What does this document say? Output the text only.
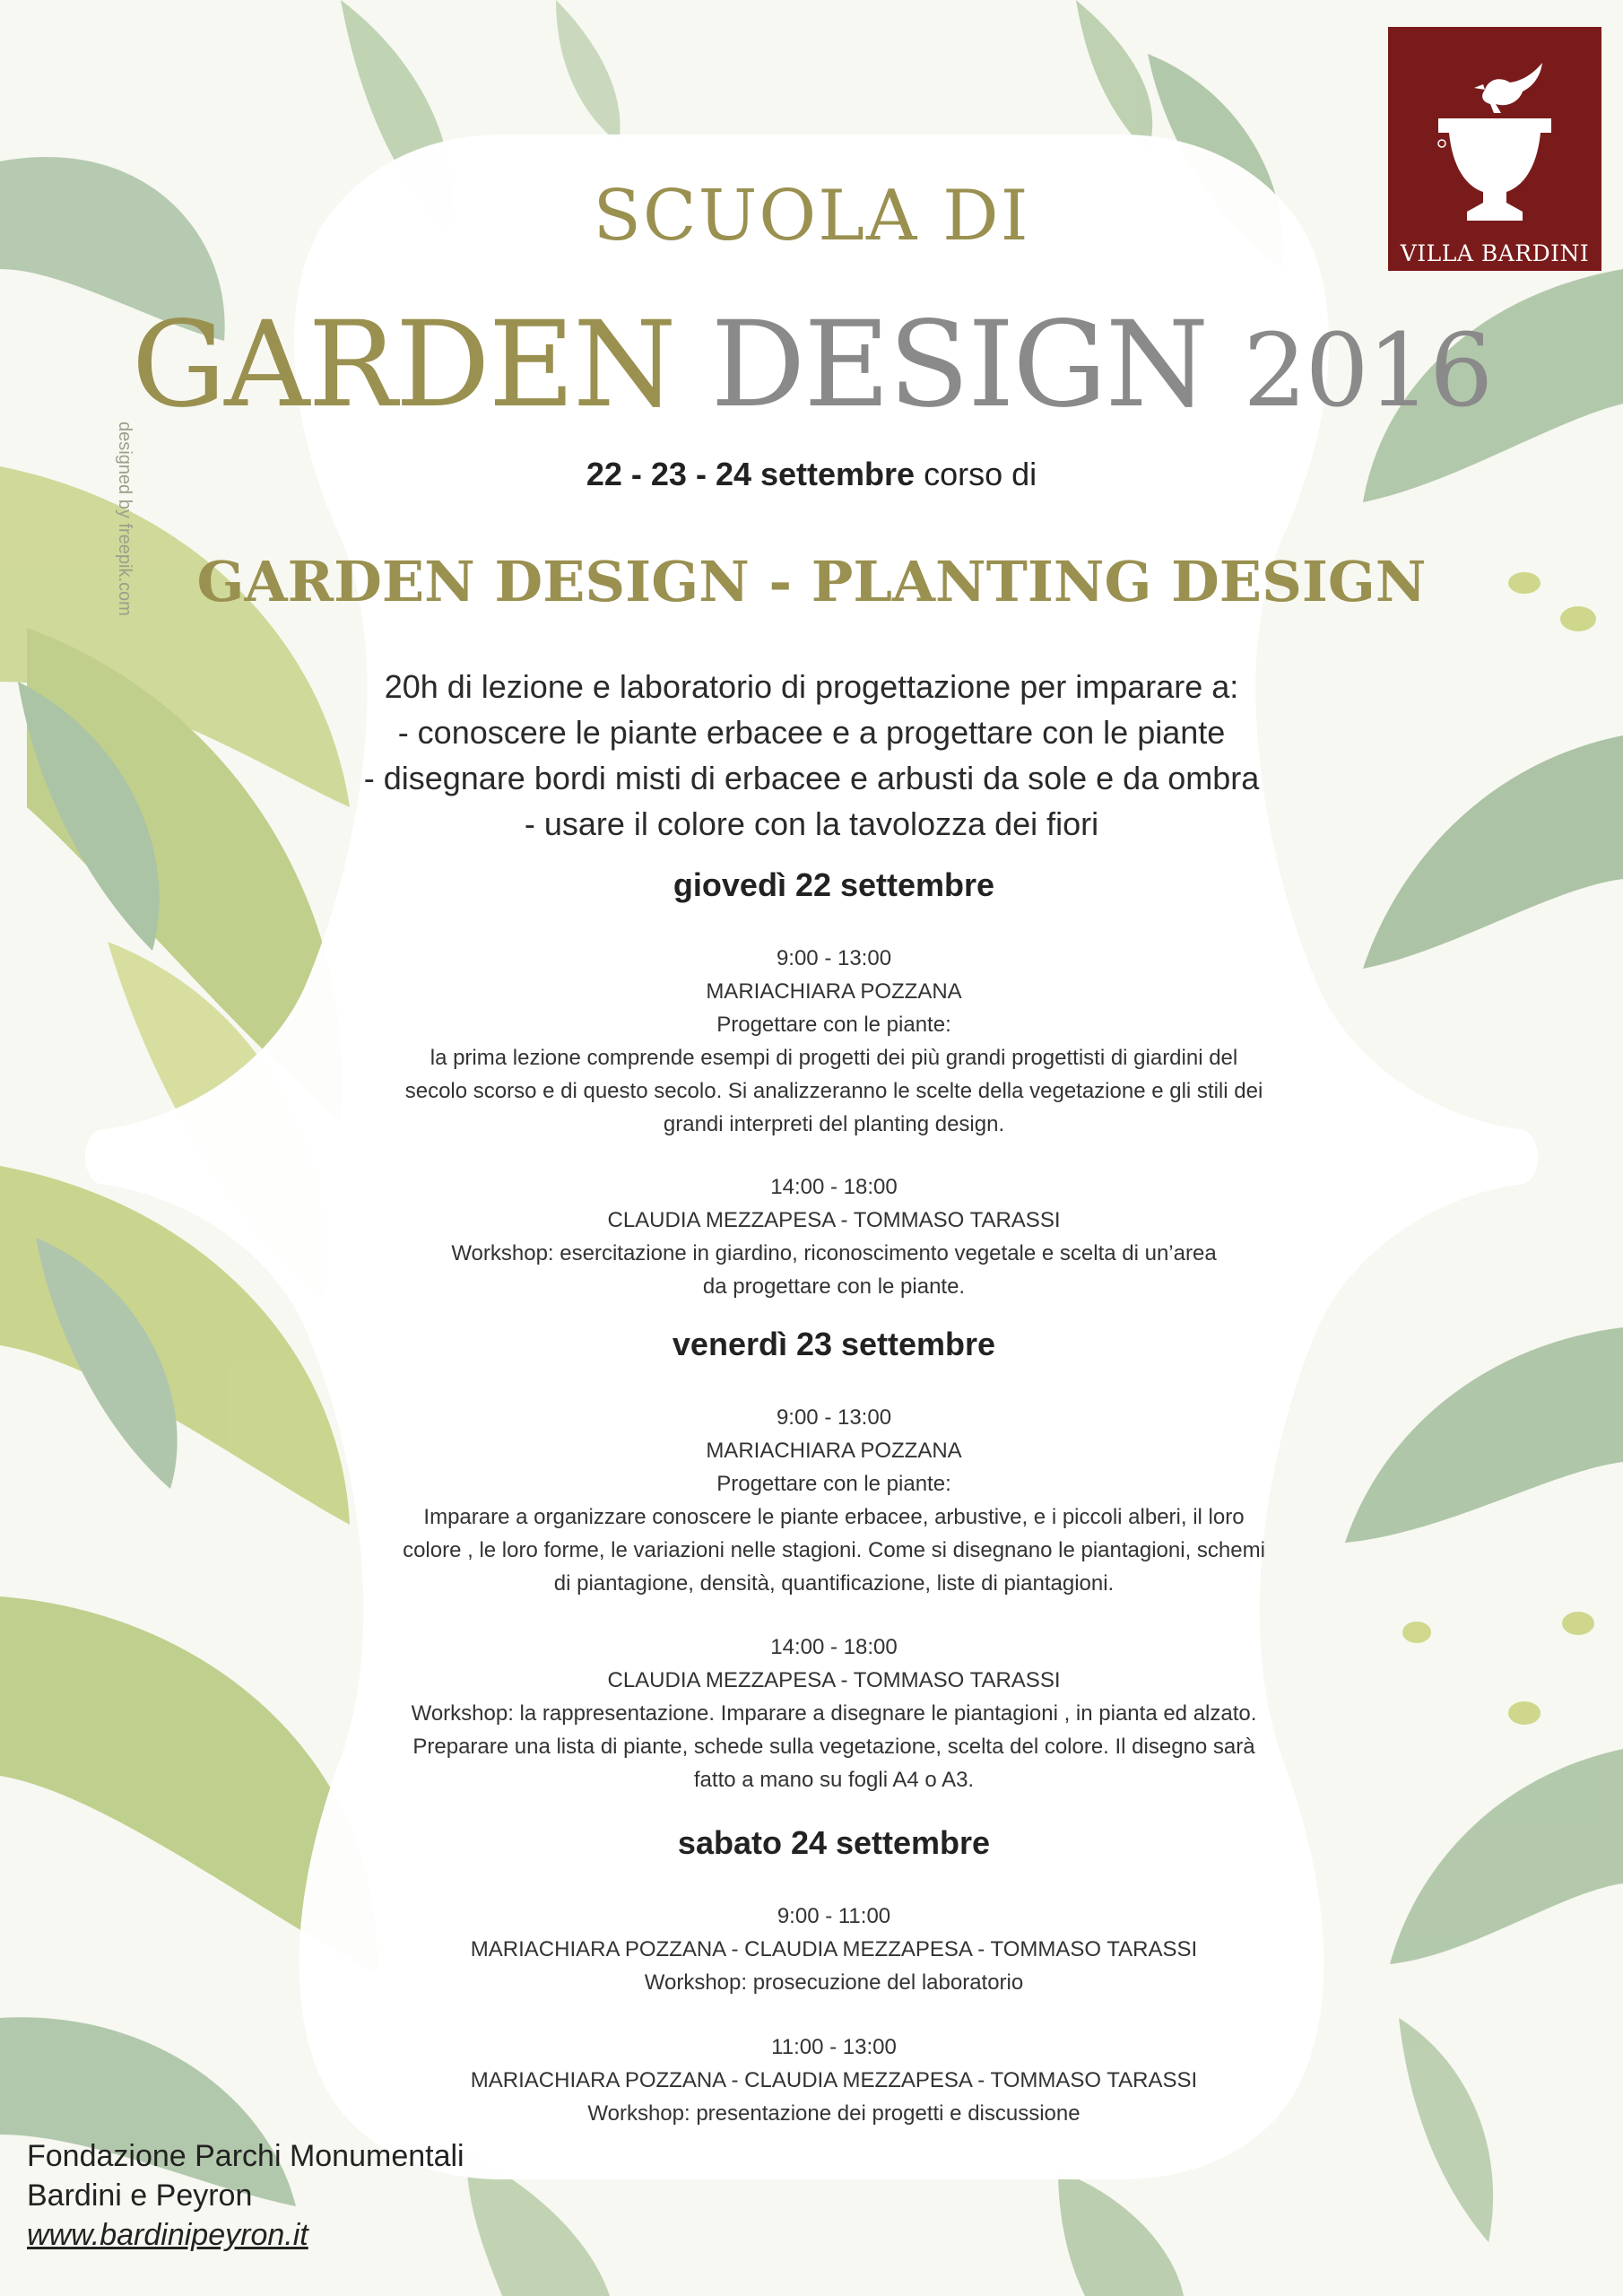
designed by freepik.com
SCUOLA DI
GARDEN DESIGN 2016
22 - 23 - 24 settembre corso di
GARDEN DESIGN - PLANTING DESIGN
20h di lezione e laboratorio di progettazione per imparare a:
- conoscere le piante erbacee e a progettare con le piante
- disegnare bordi misti di erbacee e arbusti da sole e da ombra
- usare il colore con la tavolozza dei fiori
giovedì 22 settembre
9:00 - 13:00
MARIACHIARA POZZANA
Progettare con le piante:
la prima lezione comprende esempi di progetti dei più grandi progettisti di giardini del
secolo scorso e di questo secolo. Si analizzeranno le scelte della vegetazione e gli stili dei
grandi interpreti del planting design.
14:00 - 18:00
CLAUDIA MEZZAPESA - TOMMASO TARASSI
Workshop: esercitazione in giardino, riconoscimento vegetale e scelta di un’area
da progettare con le piante.
venerdì 23 settembre
9:00 - 13:00
MARIACHIARA POZZANA
Progettare con le piante:
Imparare a organizzare conoscere le piante erbacee, arbustive, e i piccoli alberi, il loro
colore , le loro forme, le variazioni nelle stagioni. Come si disegnano le piantagioni, schemi
di piantagione, densità, quantificazione, liste di piantagioni.
14:00 - 18:00
CLAUDIA MEZZAPESA - TOMMASO TARASSI
Workshop: la rappresentazione. Imparare a disegnare le piantagioni , in pianta ed alzato.
Preparare una lista di piante, schede sulla vegetazione, scelta del colore. Il disegno sarà
fatto a mano su fogli A4 o A3.
sabato 24 settembre
9:00 - 11:00
MARIACHIARA POZZANA - CLAUDIA MEZZAPESA - TOMMASO TARASSI
Workshop: prosecuzione del laboratorio
11:00 - 13:00
MARIACHIARA POZZANA - CLAUDIA MEZZAPESA - TOMMASO TARASSI
Workshop: presentazione dei progetti e discussione
Fondazione Parchi Monumentali
Bardini e Peyron
www.bardinipeyron.it
VILLA BARDINI
